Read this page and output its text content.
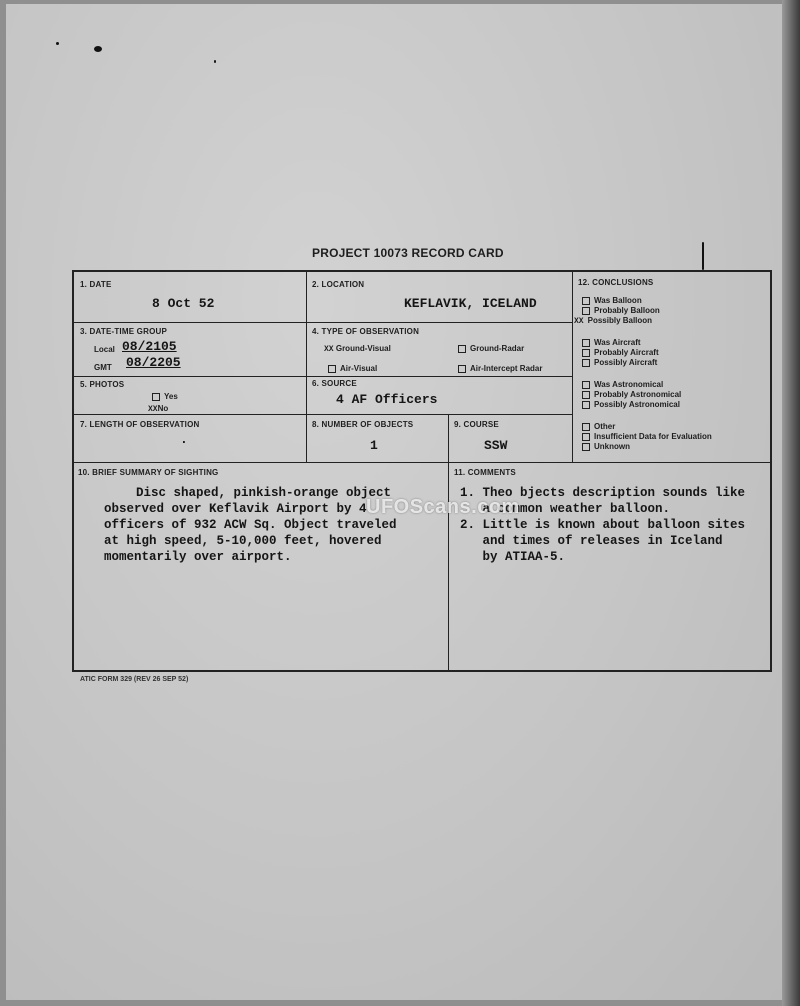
PROJECT 10073 RECORD CARD
1. DATE
8 Oct 52
2. LOCATION
KEFLAVIK, ICELAND
3. DATE-TIME GROUP
Local 08/2105
GMT 08/2205
4. TYPE OF OBSERVATION
XX Ground-Visual	Ground-Radar
Air-Visual	Air-Intercept Radar
5. PHOTOS
Yes
XXNo
6. SOURCE
4 AF Officers
7. LENGTH OF OBSERVATION
.
8. NUMBER OF OBJECTS
1
9. COURSE
SSW
12. CONCLUSIONS
Was Balloon
Probably Balloon
XX Possibly Balloon
Was Aircraft
Probably Aircraft
Possibly Aircraft
Was Astronomical
Probably Astronomical
Possibly Astronomical
Other
Insufficient Data for Evaluation
Unknown
10. BRIEF SUMMARY OF SIGHTING
Disc shaped, pinkish-orange object
observed over Keflavik Airport by 4
officers of 932 ACW Sq. Object traveled
at high speed, 5-10,000 feet, hovered
momentarily over airport.
11. COMMENTS
1. Theo bjects description sounds like
a common weather balloon.
2. Little is known about balloon sites
and times of releases in Iceland
by ATIAA-5.
UFOScans.com
ATIC FORM 329 (REV 26 SEP 52)
